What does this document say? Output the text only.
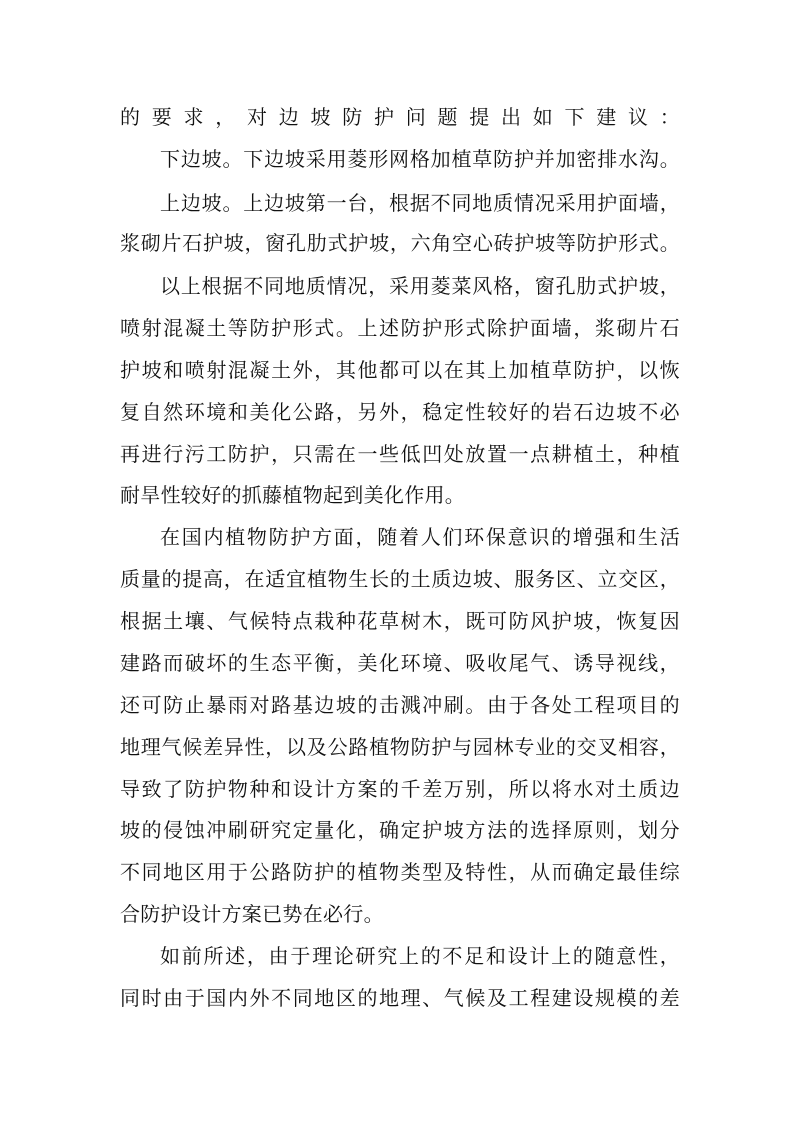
的要求，对边坡防护问题提出如下建议：
下边坡。下边坡采用菱形网格加植草防护并加密排水沟。
上边坡。上边坡第一台，根据不同地质情况采用护面墙，
浆砌片石护坡，窗孔肋式护坡，六角空心砖护坡等防护形式。
以上根据不同地质情况，采用菱菜风格，窗孔肋式护坡，
喷射混凝土等防护形式。上述防护形式除护面墙，浆砌片石
护坡和喷射混凝土外，其他都可以在其上加植草防护，以恢
复自然环境和美化公路，另外，稳定性较好的岩石边坡不必
再进行污工防护，只需在一些低凹处放置一点耕植土，种植
耐旱性较好的抓藤植物起到美化作用。
在国内植物防护方面，随着人们环保意识的增强和生活
质量的提高，在适宜植物生长的土质边坡、服务区、立交区，
根据土壤、气候特点栽种花草树木，既可防风护坡，恢复因
建路而破坏的生态平衡，美化环境、吸收尾气、诱导视线，
还可防止暴雨对路基边坡的击溅冲刷。由于各处工程项目的
地理气候差异性，以及公路植物防护与园林专业的交叉相容，
导致了防护物种和设计方案的千差万别，所以将水对土质边
坡的侵蚀冲刷研究定量化，确定护坡方法的选择原则，划分
不同地区用于公路防护的植物类型及特性，从而确定最佳综
合防护设计方案已势在必行。
如前所述，由于理论研究上的不足和设计上的随意性，
同时由于国内外不同地区的地理、气候及工程建设规模的差
